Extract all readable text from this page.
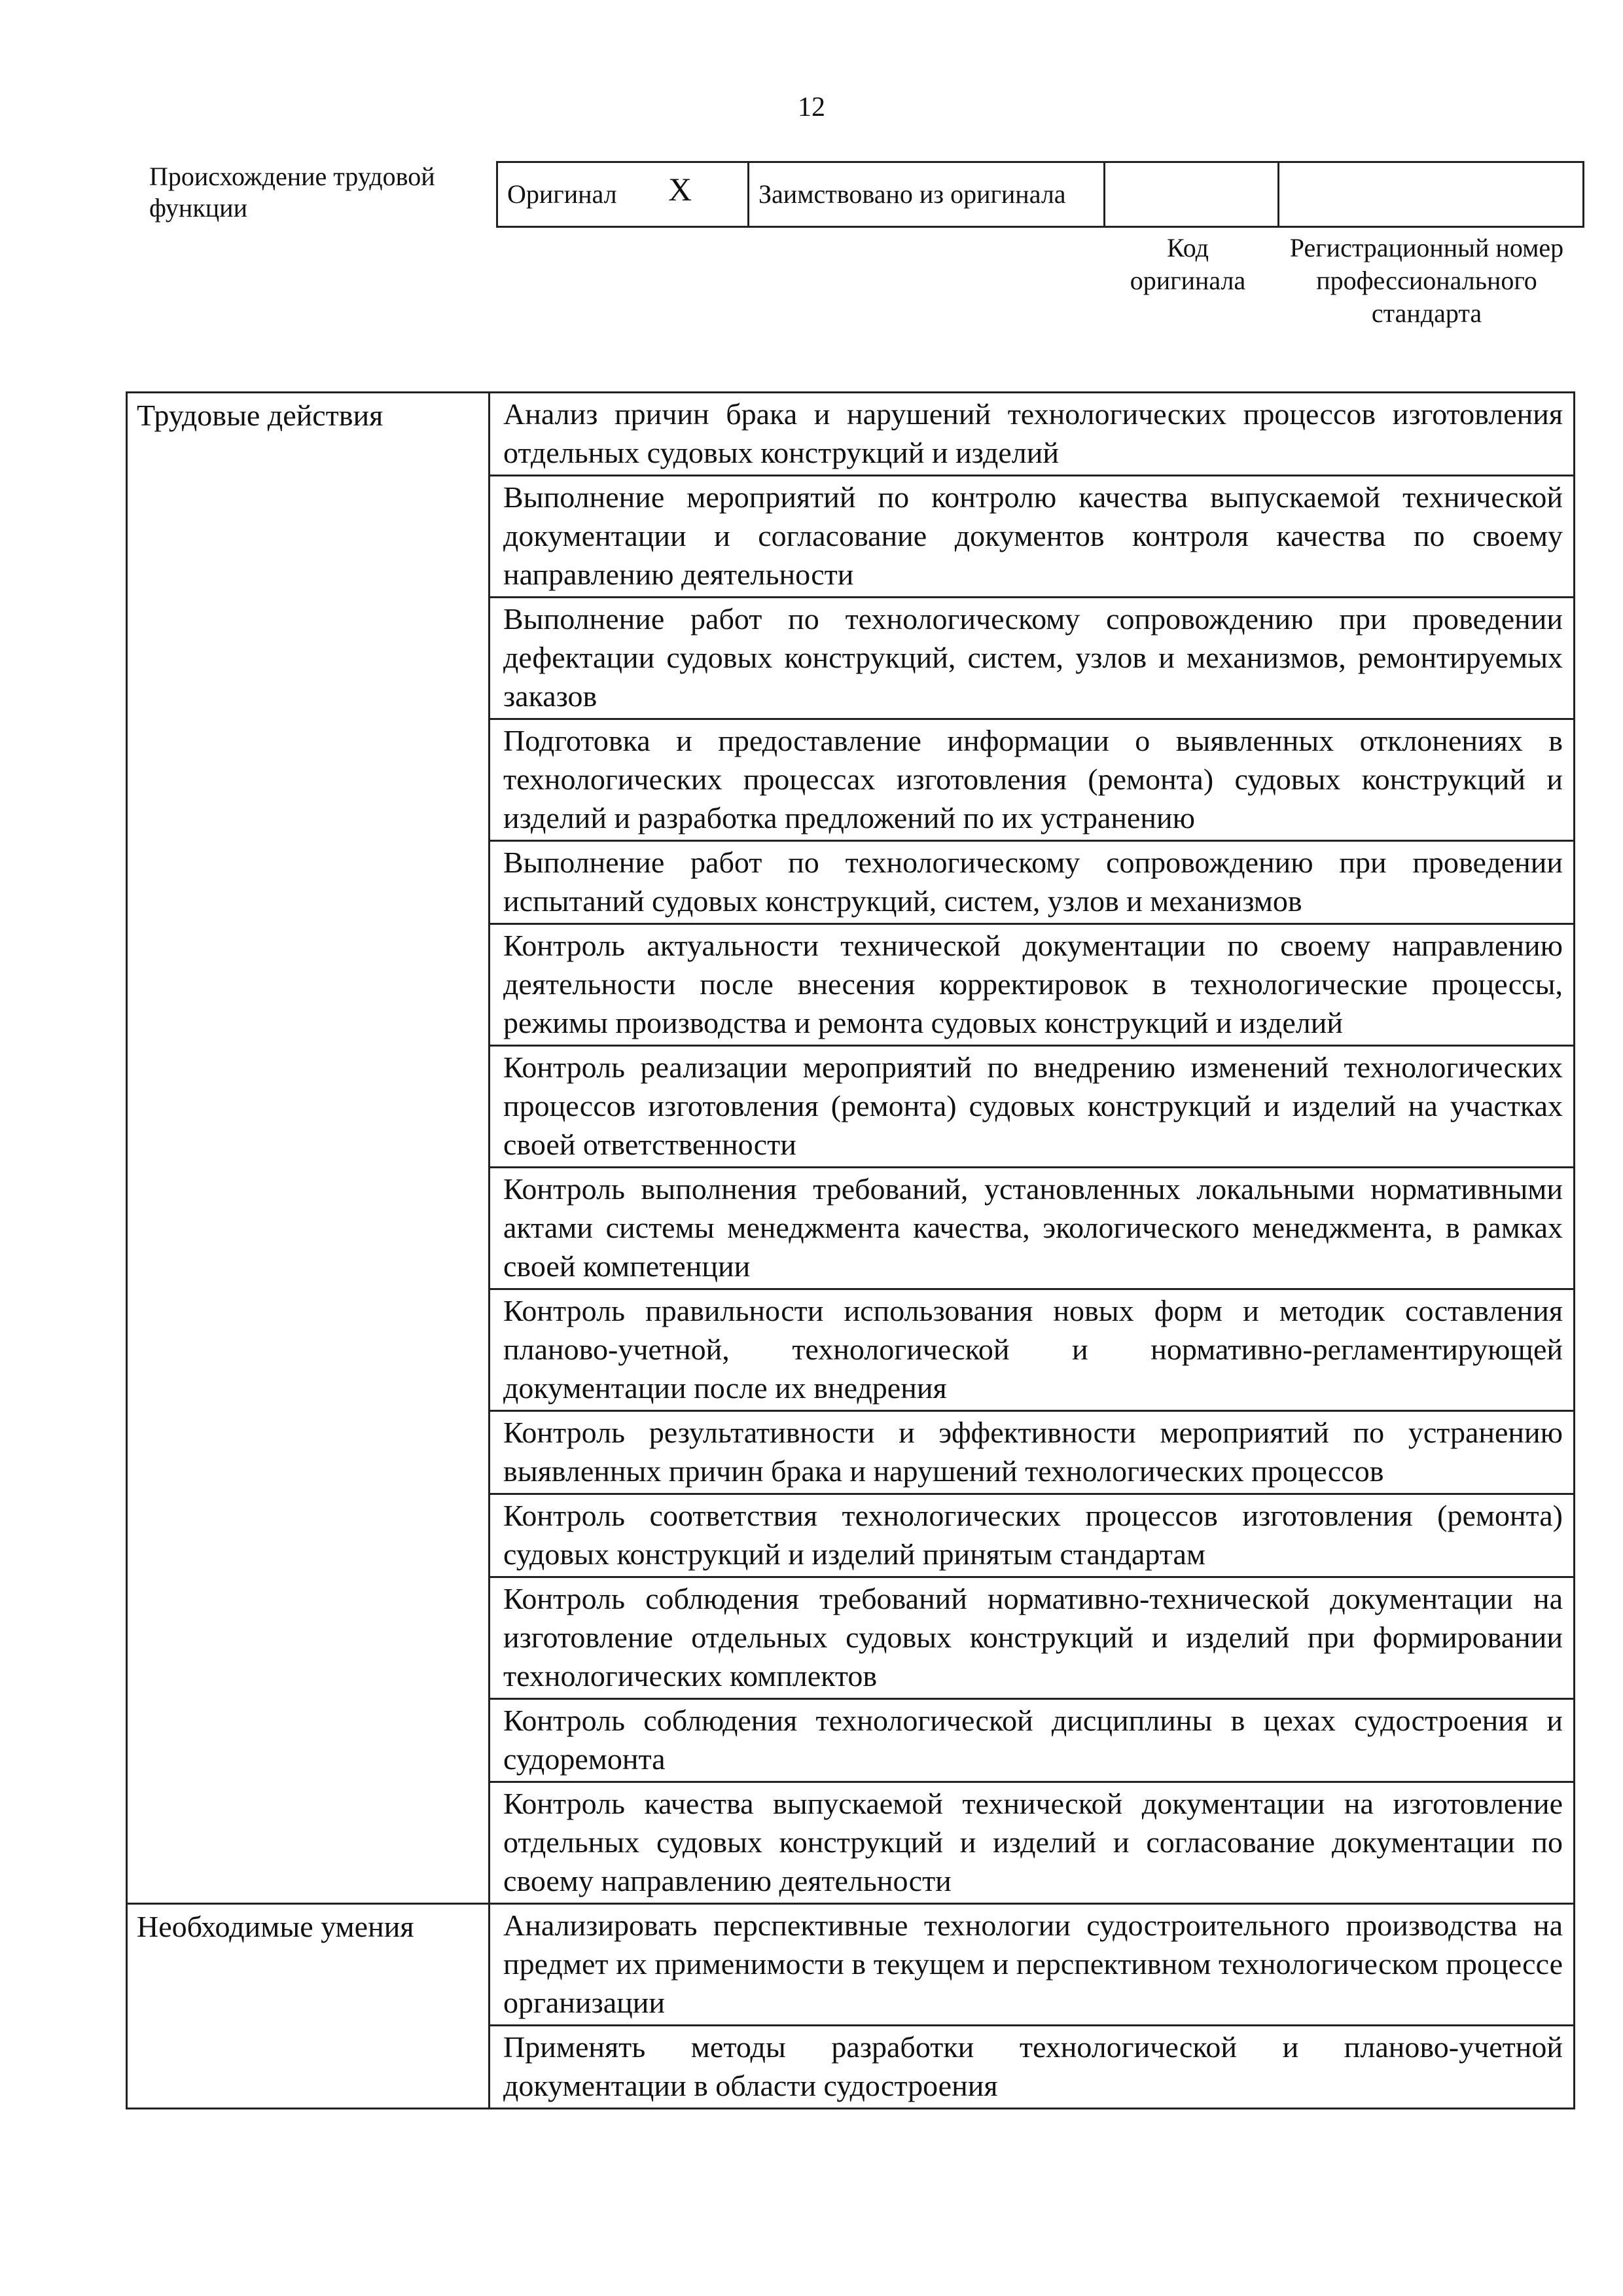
12
Происхождение трудовой функции	Оригинал X	Заимствовано из оригинала		
Код оригинала
Регистрационный номер профессионального стандарта
Трудовые действия	Анализ причин брака и нарушений технологических процессов изготовления отдельных судовых конструкций и изделий
	Выполнение мероприятий по контролю качества выпускаемой технической документации и согласование документов контроля качества по своему направлению деятельности
	Выполнение работ по технологическому сопровождению при проведении дефектации судовых конструкций, систем, узлов и механизмов, ремонтируемых заказов
	Подготовка и предоставление информации о выявленных отклонениях в технологических процессах изготовления (ремонта) судовых конструкций и изделий и разработка предложений по их устранению
	Выполнение работ по технологическому сопровождению при проведении испытаний судовых конструкций, систем, узлов и механизмов
	Контроль актуальности технической документации по своему направлению деятельности после внесения корректировок в технологические процессы, режимы производства и ремонта судовых конструкций и изделий
	Контроль реализации мероприятий по внедрению изменений технологических процессов изготовления (ремонта) судовых конструкций и изделий на участках своей ответственности
	Контроль выполнения требований, установленных локальными нормативными актами системы менеджмента качества, экологического менеджмента, в рамках своей компетенции
	Контроль правильности использования новых форм и методик составления планово-учетной, технологической и нормативно-регламентирующей документации после их внедрения
	Контроль результативности и эффективности мероприятий по устранению выявленных причин брака и нарушений технологических процессов
	Контроль соответствия технологических процессов изготовления (ремонта) судовых конструкций и изделий принятым стандартам
	Контроль соблюдения требований нормативно-технической документации на изготовление отдельных судовых конструкций и изделий при формировании технологических комплектов
	Контроль соблюдения технологической дисциплины в цехах судостроения и судоремонта
	Контроль качества выпускаемой технической документации на изготовление отдельных судовых конструкций и изделий и согласование документации по своему направлению деятельности
Необходимые умения	Анализировать перспективные технологии судостроительного производства на предмет их применимости в текущем и перспективном технологическом процессе организации
	Применять методы разработки технологической и планово-учетной документации в области судостроения
